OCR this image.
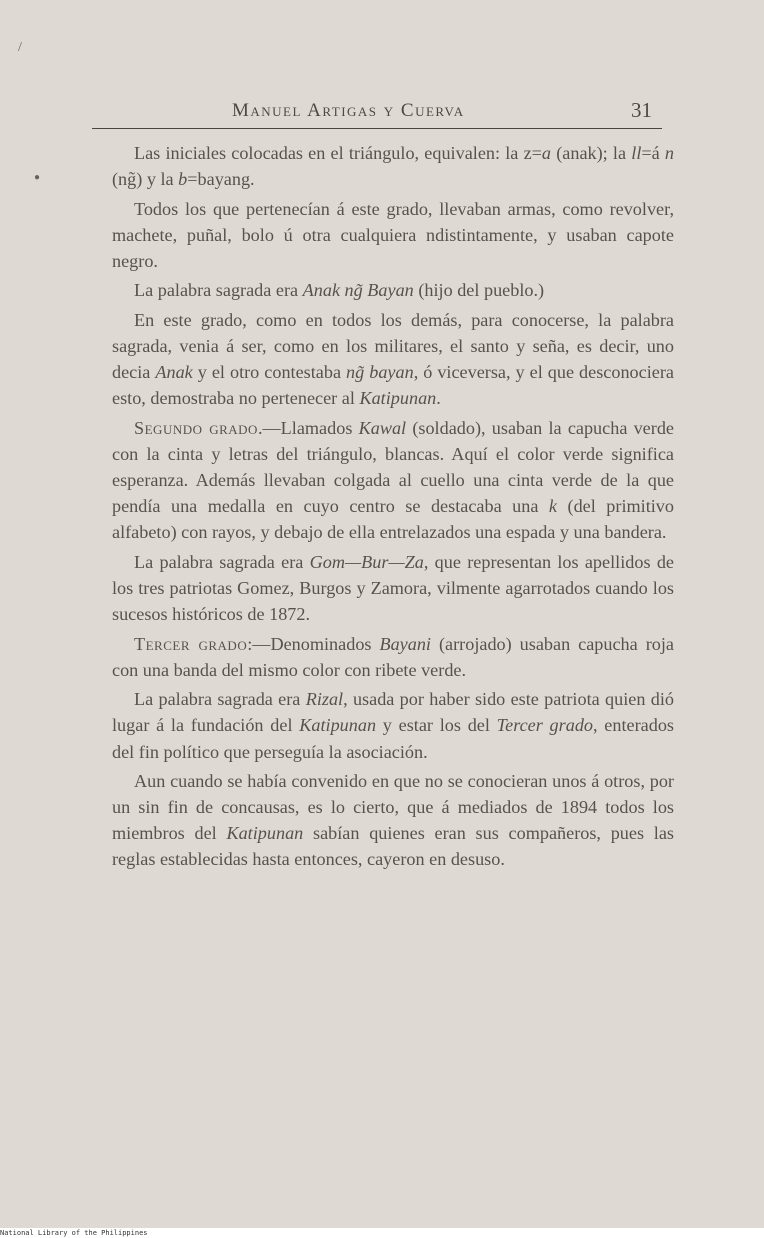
/
●
Manuel Artigas y Cuerva	31

Las iniciales colocadas en el triángulo, equivalen: la z=a (anak); la ll=á n (ng̃) y la b=bayang.

Todos los que pertenecían á este grado, llevaban armas, como revolver, machete, puñal, bolo ú otra cualquiera ndistintamente, y usaban capote negro.

La palabra sagrada era Anak ng̃ Bayan (hijo del pueblo.)

En este grado, como en todos los demás, para conocerse, la palabra sagrada, venia á ser, como en los militares, el santo y seña, es decir, uno decia Anak y el otro contestaba ng̃ bayan, ó viceversa, y el que desconociera esto, demostraba no pertenecer al Katipunan.

Segundo grado.—Llamados Kawal (soldado), usaban la capucha verde con la cinta y letras del triángulo, blancas. Aquí el color verde significa esperanza. Además llevaban colgada al cuello una cinta verde de la que pendía una medalla en cuyo centro se destacaba una k (del primitivo alfabeto) con rayos, y debajo de ella entrelazados una espada y una bandera.

La palabra sagrada era Gom—Bur—Za, que representan los apellidos de los tres patriotas Gomez, Burgos y Zamora, vilmente agarrotados cuando los sucesos históricos de 1872.

Tercer grado:—Denominados Bayani (arrojado) usaban capucha roja con una banda del mismo color con ribete verde.

La palabra sagrada era Rizal, usada por haber sido este patriota quien dió lugar á la fundación del Katipunan y estar los del Tercer grado, enterados del fin político que perseguía la asociación.

Aun cuando se había convenido en que no se conocieran unos á otros, por un sin fin de concausas, es lo cierto, que á mediados de 1894 todos los miembros del Katipunan sabían quienes eran sus compañeros, pues las reglas establecidas hasta entonces, cayeron en desuso.

National Library of the Philippines
